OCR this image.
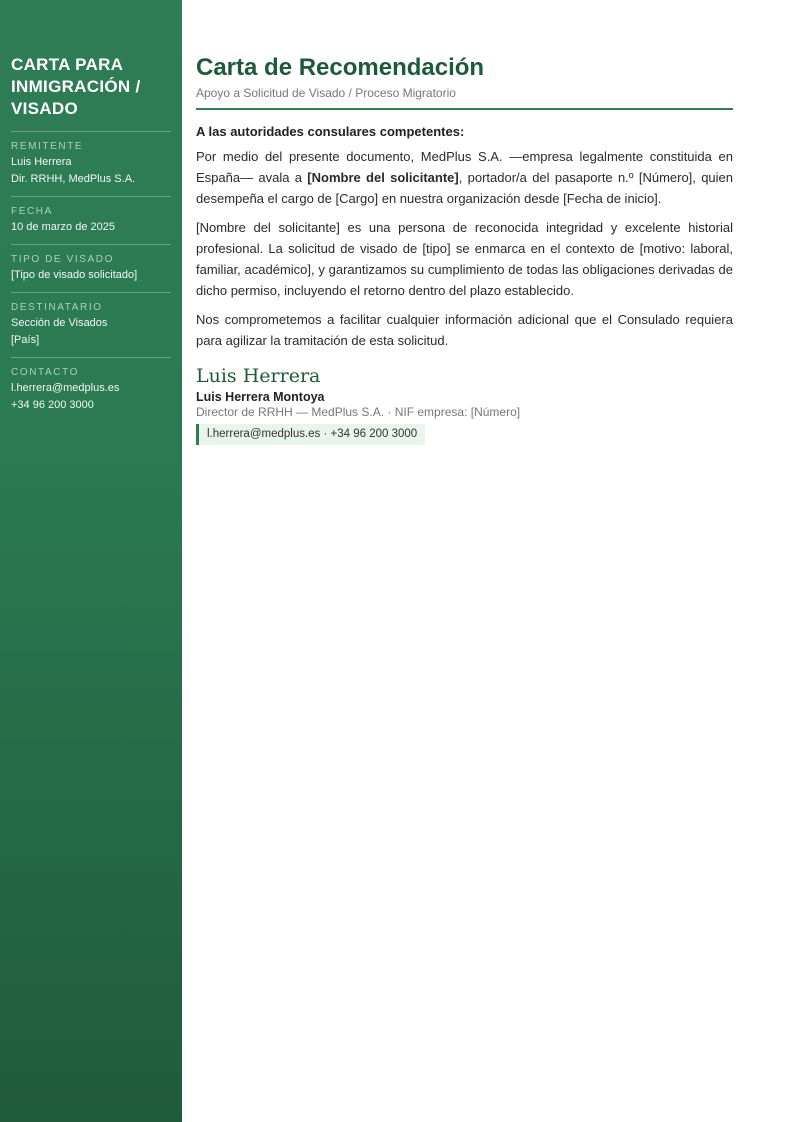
CARTA PARA INMIGRACIÓN / VISADO
REMITENTE
Luis Herrera
Dir. RRHH, MedPlus S.A.
FECHA
10 de marzo de 2025
TIPO DE VISADO
[Tipo de visado solicitado]
DESTINATARIO
Sección de Visados
[País]
CONTACTO
l.herrera@medplus.es
+34 96 200 3000
Carta de Recomendación
Apoyo a Solicitud de Visado / Proceso Migratorio
A las autoridades consulares competentes:

Por medio del presente documento, MedPlus S.A. —empresa legalmente constituida en España— avala a [Nombre del solicitante], portador/a del pasaporte n.º [Número], quien desempeña el cargo de [Cargo] en nuestra organización desde [Fecha de inicio].

[Nombre del solicitante] es una persona de reconocida integridad y excelente historial profesional. La solicitud de visado de [tipo] se enmarca en el contexto de [motivo: laboral, familiar, académico], y garantizamos su cumplimiento de todas las obligaciones derivadas de dicho permiso, incluyendo el retorno dentro del plazo establecido.

Nos comprometemos a facilitar cualquier información adicional que el Consulado requiera para agilizar la tramitación de esta solicitud.

Luis Herrera
Luis Herrera Montoya
Director de RRHH — MedPlus S.A. · NIF empresa: [Número]
l.herrera@medplus.es · +34 96 200 3000
